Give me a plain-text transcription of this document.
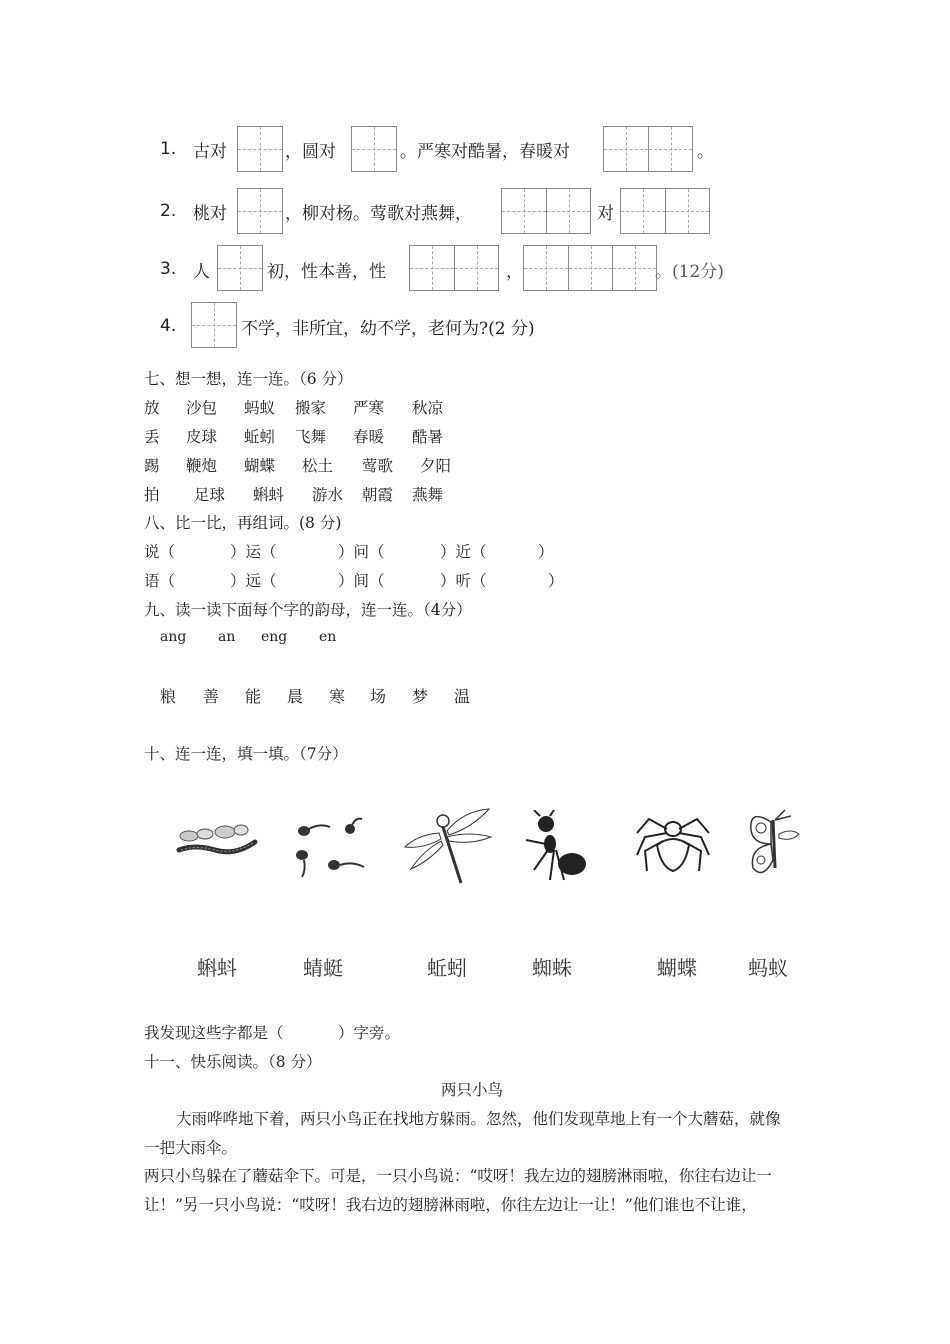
1. 古对	，圆对	。严寒对酷暑，春暖对	。
2. 桃对	，柳对杨。莺歌对燕舞，	对
3. 人	初，性本善，性	，	。(12分)
4.	不学，非所宜，幼不学，老何为?(2 分)
七、想一想，连一连。（6 分）
放 沙包 蚂蚁 搬家 严寒 秋凉
丢 皮球 蚯蚓 飞舞 春暖 酷暑
踢 鞭炮 蝴蝶 松土 莺歌 夕阳
拍 足球 蝌蚪 游水 朝霞 燕舞
八、比一比，再组词。(8 分)
说（	）运（	）问（	）近（	）
语（	）远（	）间（	）听（	）
九、读一读下面每个字的韵母，连一连。（4分）
ang an eng en
粮 善 能 晨 寒 场 梦 温
十、连一连，填一填。（7分）
蝌蚪	蜻蜓	蚯蚓	蜘蛛	蝴蝶	蚂蚁
我发现这些字都是（	）字旁。
十一、快乐阅读。（8 分）
两只小鸟
大雨哗哗地下着，两只小鸟正在找地方躲雨。忽然，他们发现草地上有一个大蘑菇，就像
一把大雨伞。
两只小鸟躲在了蘑菇伞下。可是，一只小鸟说：“哎呀！我左边的翅膀淋雨啦，你往右边让一
让！”另一只小鸟说：“哎呀！我右边的翅膀淋雨啦，你往左边让一让！”他们谁也不让谁，
